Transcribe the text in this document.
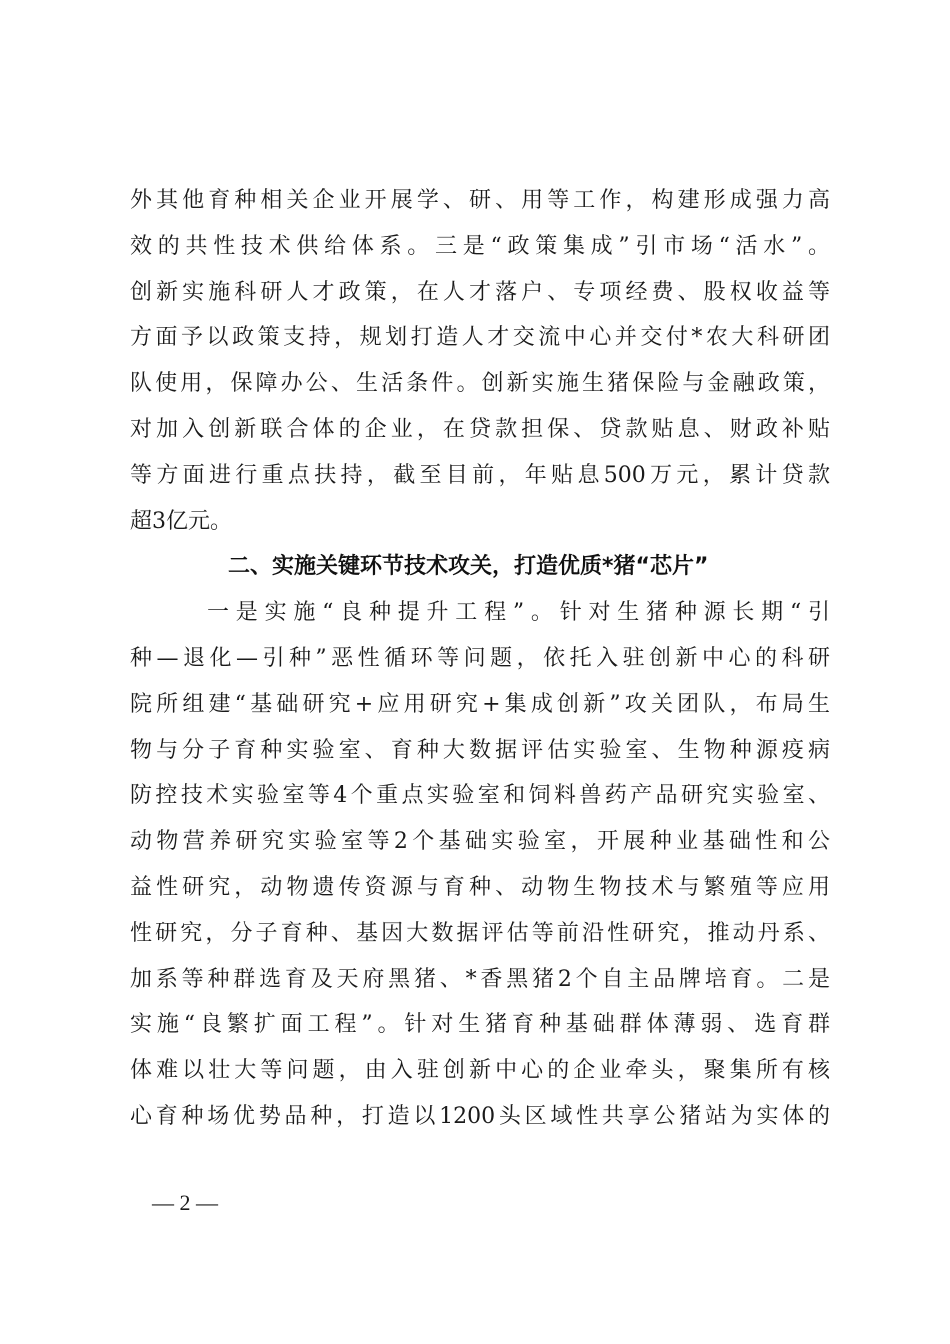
外其他育种相关企业开展学、研、用等工作，构建形成强力高
效的共性技术供给体系。三是“政策集成”引市场“活水”。
创新实施科研人才政策，在人才落户、专项经费、股权收益等
方面予以政策支持，规划打造人才交流中心并交付*农大科研团
队使用，保障办公、生活条件。创新实施生猪保险与金融政策，
对加入创新联合体的企业，在贷款担保、贷款贴息、财政补贴
等方面进行重点扶持，截至目前，年贴息500万元，累计贷款
超3亿元。
二、实施关键环节技术攻关，打造优质*猪“芯片”
一是实施“良种提升工程”。针对生猪种源长期“引
种—退化—引种”恶性循环等问题，依托入驻创新中心的科研
院所组建“基础研究+应用研究+集成创新”攻关团队，布局生
物与分子育种实验室、育种大数据评估实验室、生物种源疫病
防控技术实验室等4个重点实验室和饲料兽药产品研究实验室、
动物营养研究实验室等2个基础实验室，开展种业基础性和公
益性研究，动物遗传资源与育种、动物生物技术与繁殖等应用
性研究，分子育种、基因大数据评估等前沿性研究，推动丹系、
加系等种群选育及天府黑猪、*香黑猪2个自主品牌培育。二是
实施“良繁扩面工程”。针对生猪育种基础群体薄弱、选育群
体难以壮大等问题，由入驻创新中心的企业牵头，聚集所有核
心育种场优势品种，打造以1200头区域性共享公猪站为实体的
— 2 —
